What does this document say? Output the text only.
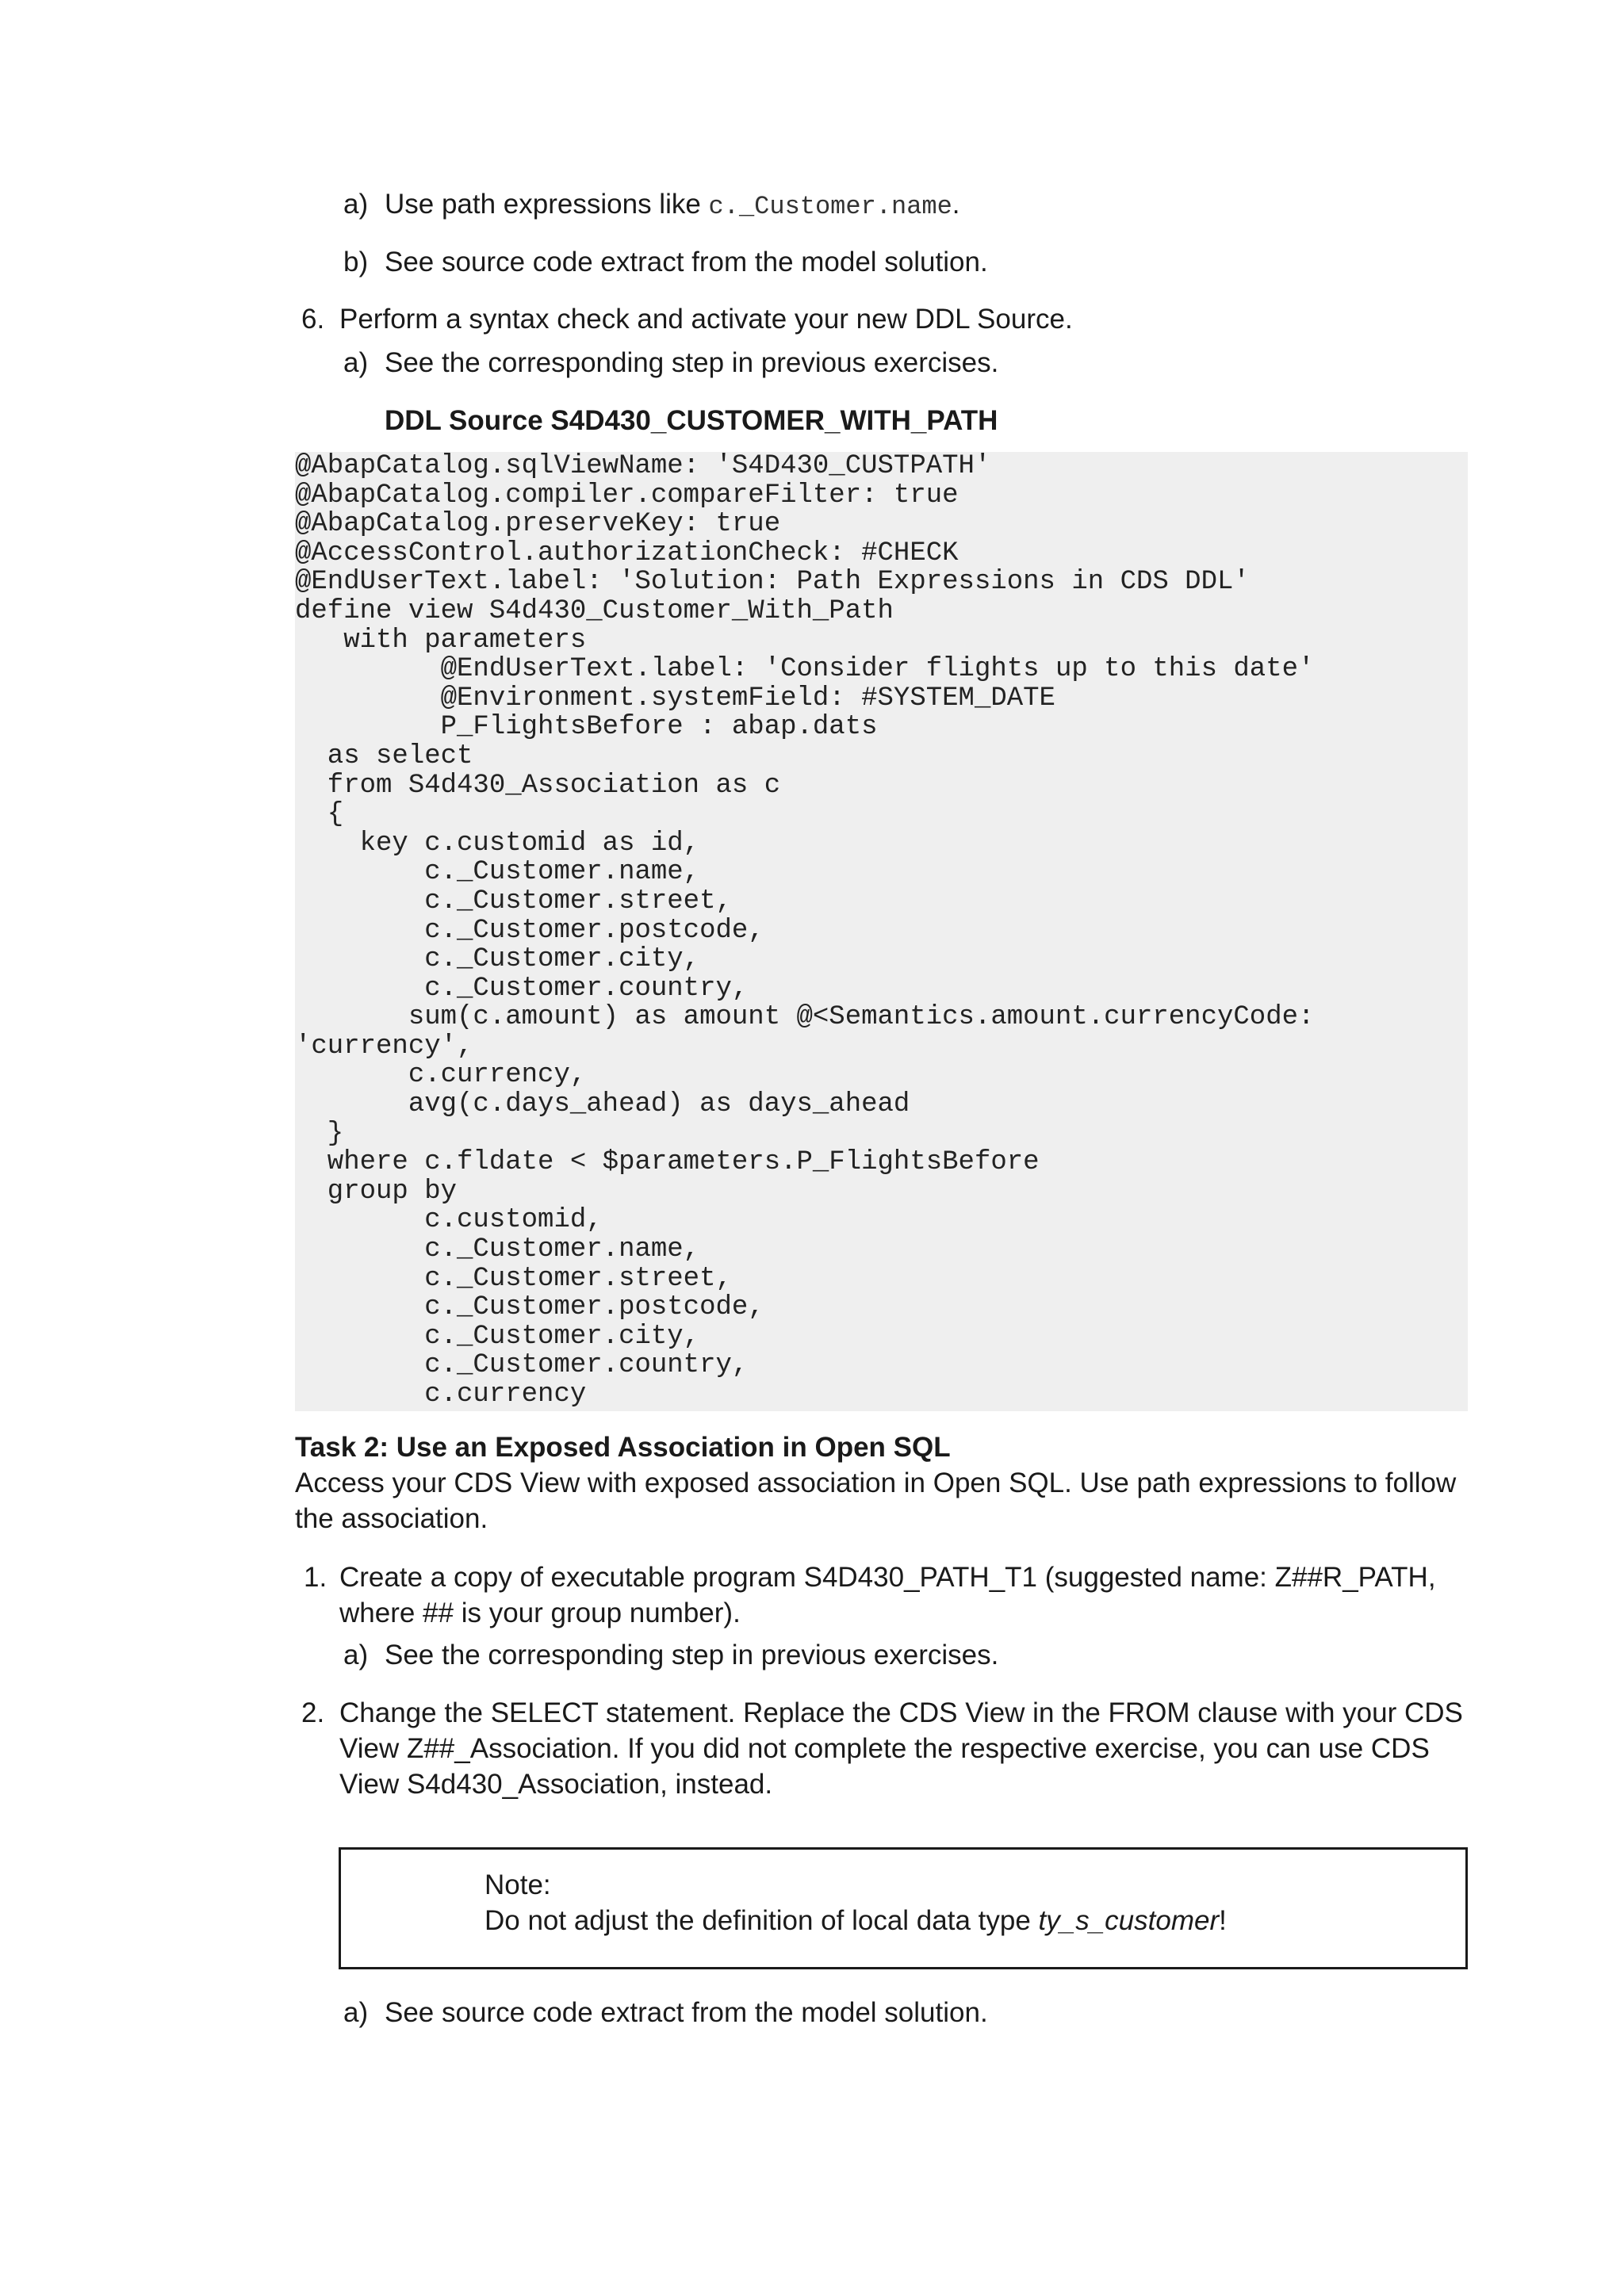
a) Use path expressions like c._Customer.name.
b) See source code extract from the model solution.
6. Perform a syntax check and activate your new DDL Source.
a) See the corresponding step in previous exercises.
DDL Source S4D430_CUSTOMER_WITH_PATH
@AbapCatalog.sqlViewName: 'S4D430_CUSTPATH'
@AbapCatalog.compiler.compareFilter: true
@AbapCatalog.preserveKey: true
@AccessControl.authorizationCheck: #CHECK
@EndUserText.label: 'Solution: Path Expressions in CDS DDL'
define view S4d430_Customer_With_Path
with parameters
@EndUserText.label: 'Consider flights up to this date'
@Environment.systemField: #SYSTEM_DATE
P_FlightsBefore : abap.dats
as select
from S4d430_Association as c
{
key c.customid as id,
c._Customer.name,
c._Customer.street,
c._Customer.postcode,
c._Customer.city,
c._Customer.country,
sum(c.amount) as amount @<Semantics.amount.currencyCode:
'currency',
c.currency,
avg(c.days_ahead) as days_ahead
}
where c.fldate < $parameters.P_FlightsBefore
group by
c.customid,
c._Customer.name,
c._Customer.street,
c._Customer.postcode,
c._Customer.city,
c._Customer.country,
c.currency
Task 2: Use an Exposed Association in Open SQL
Access your CDS View with exposed association in Open SQL. Use path expressions to follow the association.
1. Create a copy of executable program S4D430_PATH_T1 (suggested name: Z##R_PATH, where ## is your group number).
a) See the corresponding step in previous exercises.
2. Change the SELECT statement. Replace the CDS View in the FROM clause with your CDS View Z##_Association. If you did not complete the respective exercise, you can use CDS View S4d430_Association, instead.
Note:
Do not adjust the definition of local data type ty_s_customer!
a) See source code extract from the model solution.
